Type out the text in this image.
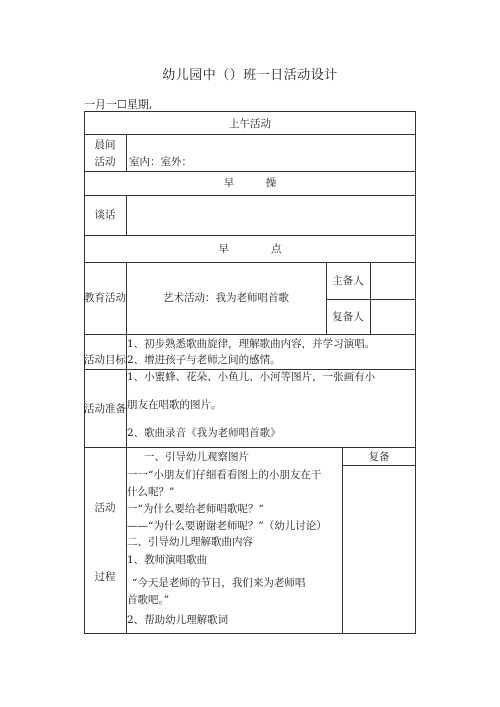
幼儿园中（）班一日活动设计
一月一☐星期,
上午活动
晨间
活动	室内：室外：
早　　　操
谈话
早　　　　点
教育活动	艺术活动：我为老师唱首歌
主备人
复备人
活动目标
1、初步熟悉歌曲旋律，理解歌曲内容，并学习演唱。
2、增进孩子与老师之间的感情。
活动准备
1、小蜜蜂、花朵、小鱼儿、小河等图片，一张画有小
朋友在唱歌的图片。
2、歌曲录音《我为老师唱首歌》
活动
过程
复备
一、引导幼儿观察图片
一一“小朋友们仔细看看图上的小朋友在干
什么呢？”
一“为什么要给老师唱歌呢？“
——“为什么要谢谢老师呢？”（幼儿讨论）
二、引导幼儿理解歌曲内容
1、教师演唱歌曲
“今天是老师的节日，我们来为老师唱
首歌吧。”
2、帮助幼儿理解歌词
